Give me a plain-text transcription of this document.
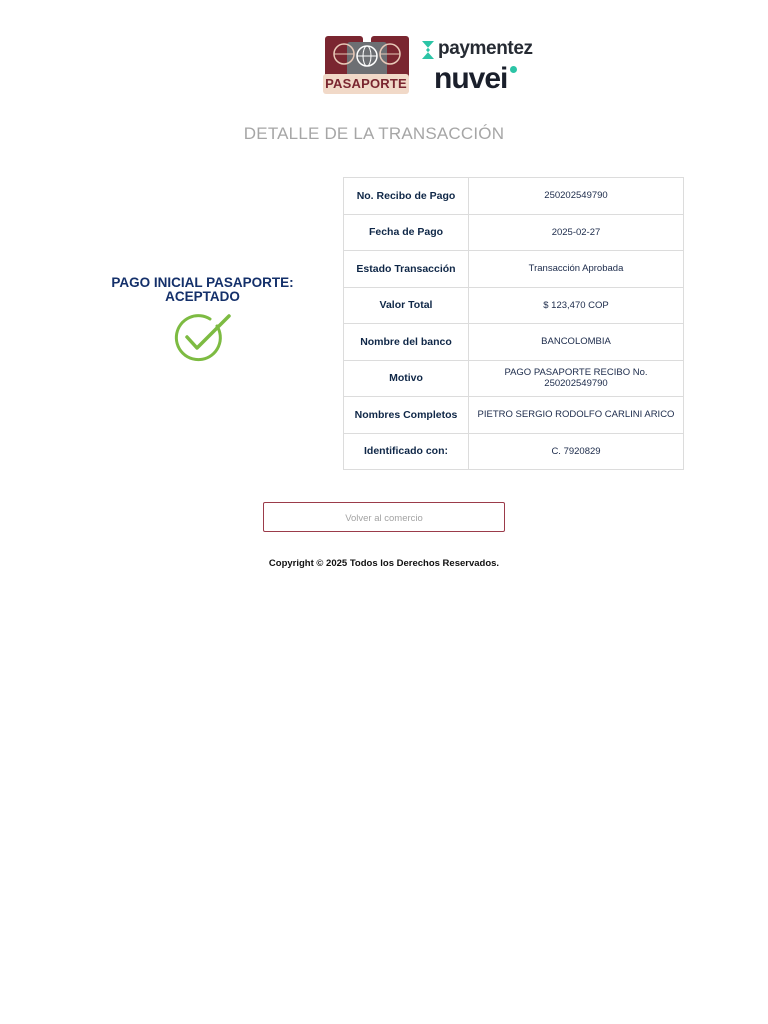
PASAPORTE
paymentez
nuvei
DETALLE DE LA TRANSACCIÓN
PAGO INICIAL PASAPORTE:
ACEPTADO
No. Recibo de Pago	250202549790
Fecha de Pago	2025-02-27
Estado Transacción	Transacción Aprobada
Valor Total	$ 123,470 COP
Nombre del banco	BANCOLOMBIA
Motivo	PAGO PASAPORTE RECIBO No. 250202549790
Nombres Completos	PIETRO SERGIO RODOLFO CARLINI ARICO
Identificado con:	C. 7920829
Volver al comercio
Copyright © 2025 Todos los Derechos Reservados.
